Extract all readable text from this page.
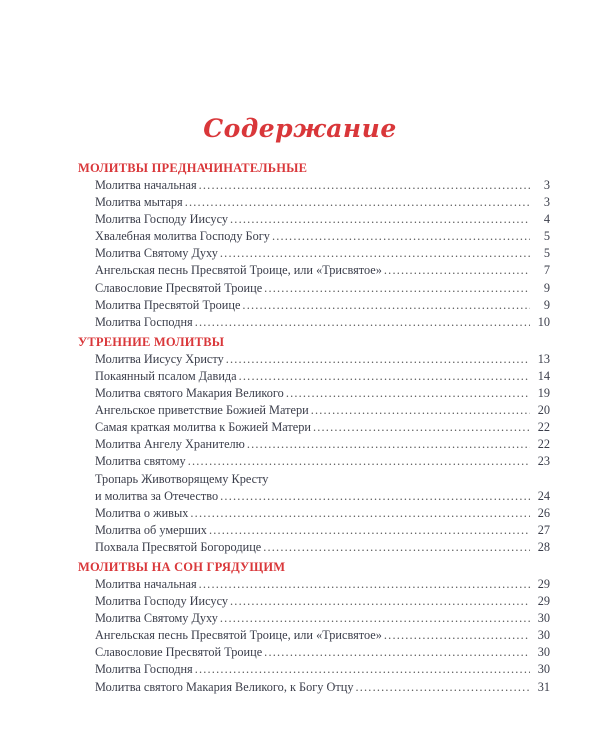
Содержание
МОЛИТВЫ ПРЕДНАЧИНАТЕЛЬНЫЕ
Молитва начальная .....	3
Молитва мытаря .....	3
Молитва Господу Иисусу .....	4
Хвалебная молитва Господу Богу .....	5
Молитва Святому Духу .....	5
Ангельская песнь Пресвятой Троице, или «Трисвятое» .....	7
Славословие Пресвятой Троице .....	9
Молитва Пресвятой Троице .....	9
Молитва Господня .....	10
УТРЕННИЕ МОЛИТВЫ
Молитва Иисусу Христу .....	13
Покаянный псалом Давида .....	14
Молитва святого Макария Великого .....	19
Ангельское приветствие Божией Матери .....	20
Самая краткая молитва к Божией Матери .....	22
Молитва Ангелу Хранителю .....	22
Молитва святому .....	23
Тропарь Животворящему Кресту
и молитва за Отечество .....	24
Молитва о живых .....	26
Молитва об умерших .....	27
Похвала Пресвятой Богородице .....	28
МОЛИТВЫ НА СОН ГРЯДУЩИМ
Молитва начальная .....	29
Молитва Господу Иисусу .....	29
Молитва Святому Духу .....	30
Ангельская песнь Пресвятой Троице, или «Трисвятое» .....	30
Славословие Пресвятой Троице .....	30
Молитва Господня .....	30
Молитва святого Макария Великого, к Богу Отцу .....	31
